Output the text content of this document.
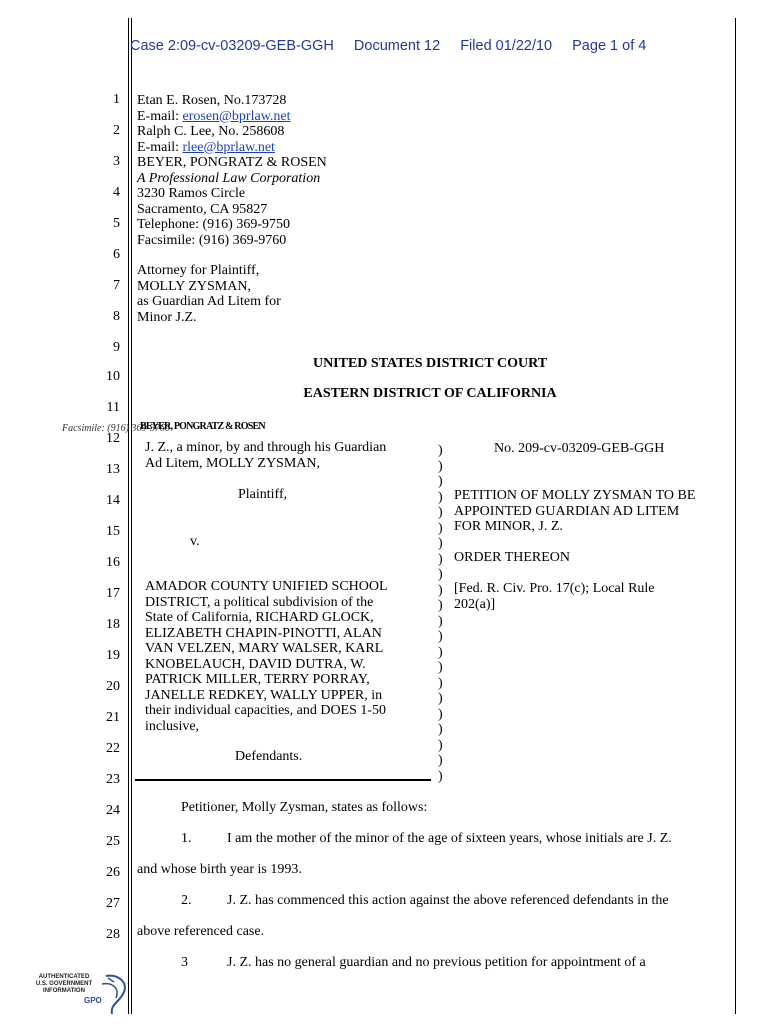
Case 2:09-cv-03209-GEB-GGH Document 12 Filed 01/22/10 Page 1 of 4
1
2
3
4
5
6
7
8
9
10
11
12
13
14
15
16
17
18
19
20
21
22
23
24
25
26
27
28
Etan E. Rosen, No.173728
E-mail: erosen@bprlaw.net
Ralph C. Lee, No. 258608
E-mail: rlee@bprlaw.net
BEYER, PONGRATZ & ROSEN
A Professional Law Corporation
3230 Ramos Circle
Sacramento, CA 95827
Telephone: (916) 369-9750
Facsimile: (916) 369-9760
Attorney for Plaintiff,
MOLLY ZYSMAN,
as Guardian Ad Litem for
Minor J.Z.
UNITED STATES DISTRICT COURT
EASTERN DISTRICT OF CALIFORNIA
Facsimile: (916) 369-9760
BEYER, PONGRATZ & ROSEN
J. Z., a minor, by and through his Guardian
Ad Litem, MOLLY ZYSMAN,
Plaintiff,
v.
AMADOR COUNTY UNIFIED SCHOOL
DISTRICT, a political subdivision of the
State of California, RICHARD GLOCK,
ELIZABETH CHAPIN-PINOTTI, ALAN
VAN VELZEN, MARY WALSER, KARL
KNOBELAUCH, DAVID DUTRA, W.
PATRICK MILLER, TERRY PORRAY,
JANELLE REDKEY, WALLY UPPER, in
their individual capacities, and DOES 1-50
inclusive,
Defendants.
)
)
)
)
)
)
)
)
)
)
)
)
)
)
)
)
)
)
)
)
)
)
No. 209-cv-03209-GEB-GGH
PETITION OF MOLLY ZYSMAN TO BE
APPOINTED GUARDIAN AD LITEM
FOR MINOR, J. Z.
ORDER THEREON
[Fed. R. Civ. Pro. 17(c); Local Rule
202(a)]
Petitioner, Molly Zysman, states as follows:
1.	I am the mother of the minor of the age of sixteen years, whose initials are J. Z.
and whose birth year is 1993.
2.	J. Z. has commenced this action against the above referenced defendants in the
above referenced case.
3	J. Z. has no general guardian and no previous petition for appointment of a
AUTHENTICATED
U.S. GOVERNMENT
INFORMATION
GPO
